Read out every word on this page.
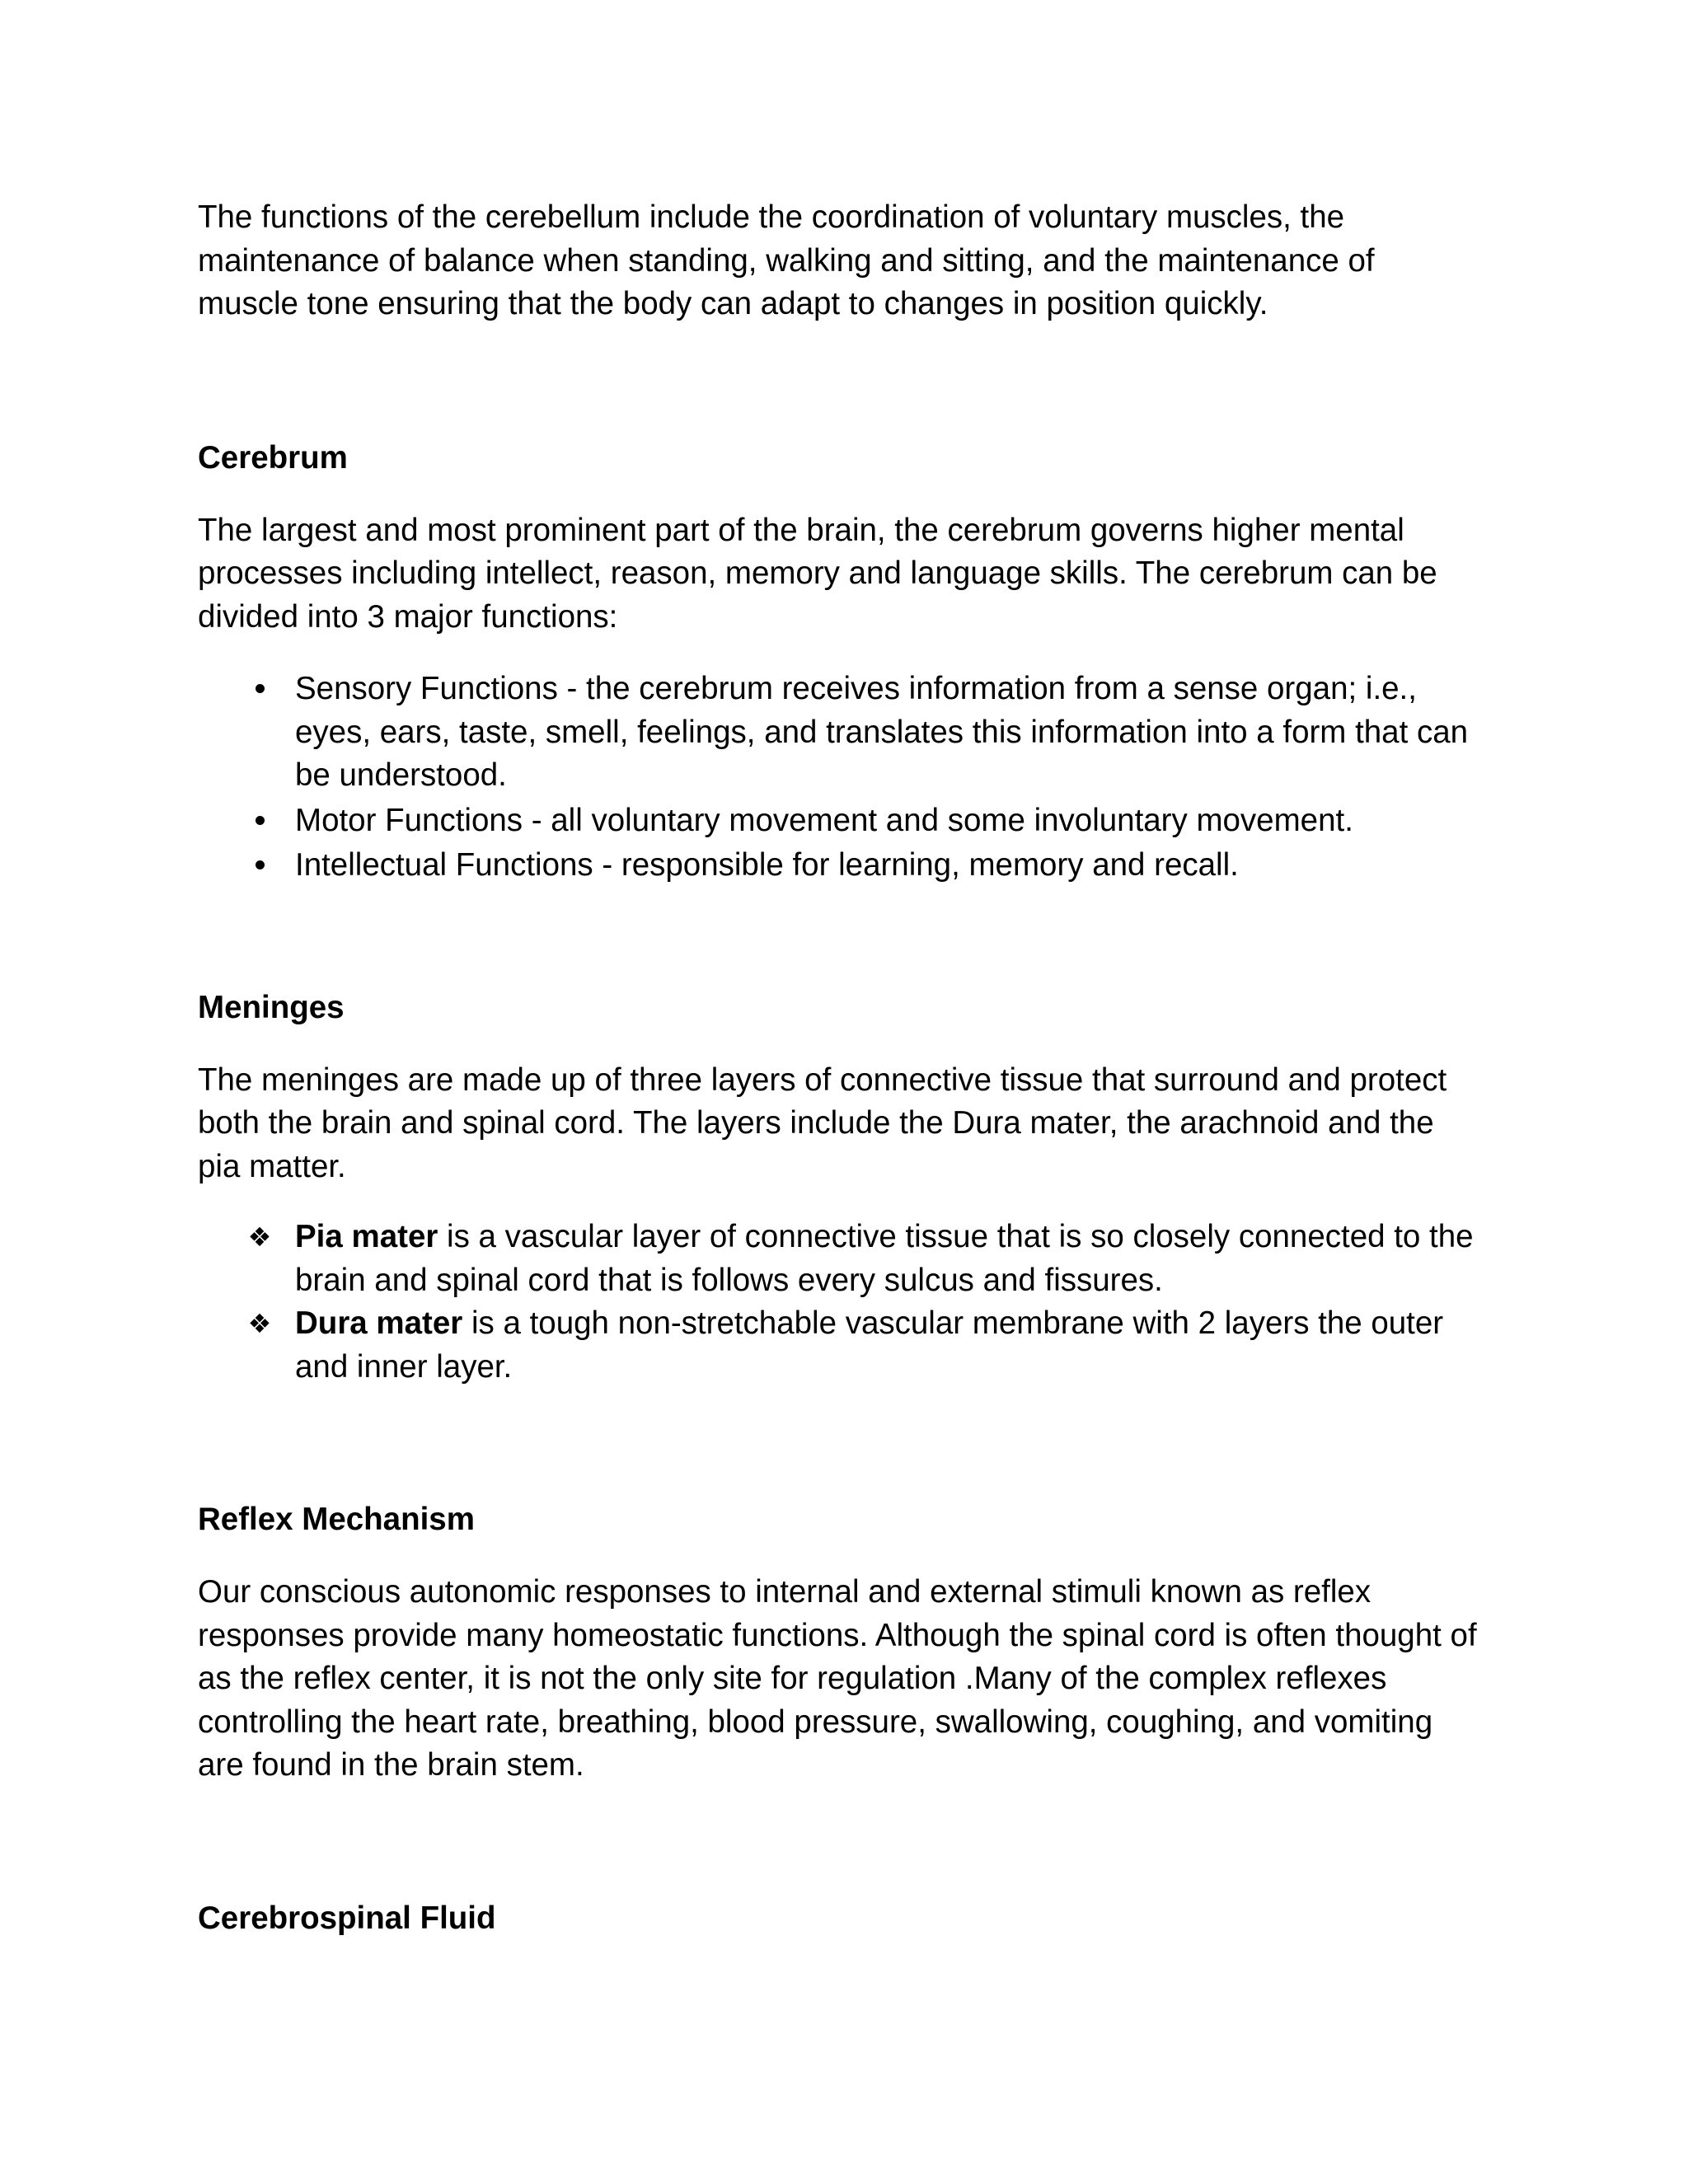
The functions of the cerebellum include the coordination of voluntary muscles, the maintenance of balance when standing, walking and sitting, and the maintenance of muscle tone ensuring that the body can adapt to changes in position quickly.

Cerebrum

The largest and most prominent part of the brain, the cerebrum governs higher mental processes including intellect, reason, memory and language skills. The cerebrum can be divided into 3 major functions:

Sensory Functions - the cerebrum receives information from a sense organ; i.e., eyes, ears, taste, smell, feelings, and translates this information into a form that can be understood.
Motor Functions - all voluntary movement and some involuntary movement.
Intellectual Functions - responsible for learning, memory and recall.
Meninges

The meninges are made up of three layers of connective tissue that surround and protect both the brain and spinal cord. The layers include the Dura mater, the arachnoid and the pia matter.

❖ Pia mater is a vascular layer of connective tissue that is so closely connected to the brain and spinal cord that is follows every sulcus and fissures.
❖ Dura mater is a tough non-stretchable vascular membrane with 2 layers the outer and inner layer.
Reflex Mechanism

Our conscious autonomic responses to internal and external stimuli known as reflex responses provide many homeostatic functions. Although the spinal cord is often thought of as the reflex center, it is not the only site for regulation .Many of the complex reflexes controlling the heart rate, breathing, blood pressure, swallowing, coughing, and vomiting are found in the brain stem.

Cerebrospinal Fluid
